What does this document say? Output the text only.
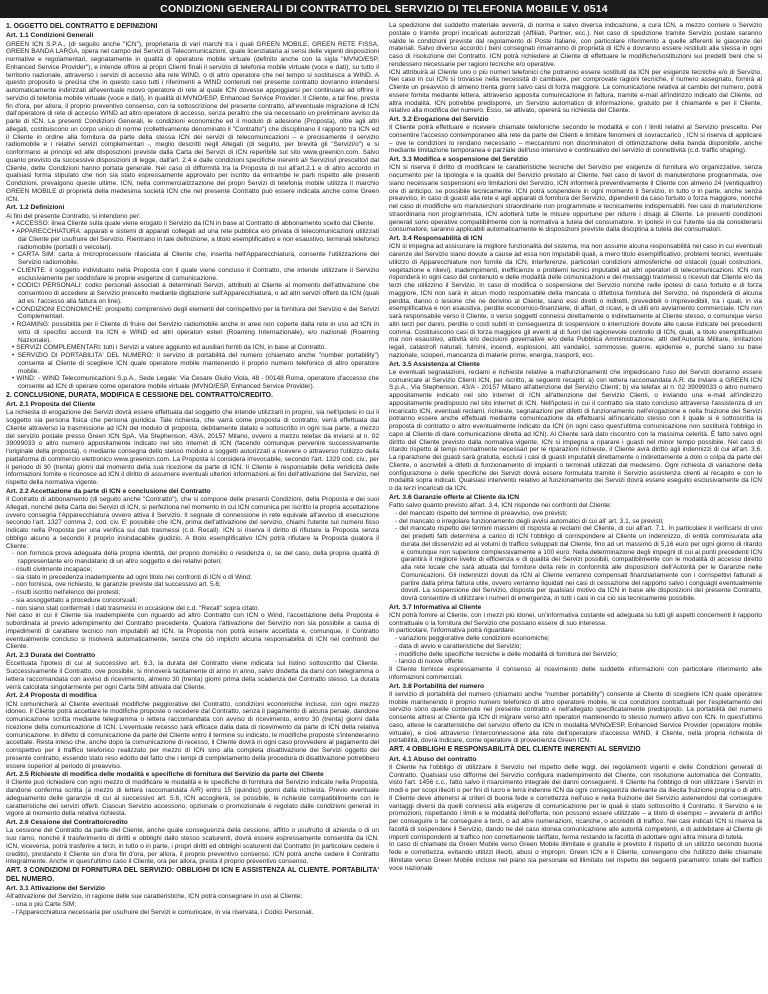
CONDIZIONI GENERALI DI CONTRATTO DEL SERVIZIO DI TELEFONIA MOBILE V. 0514
1. OGGETTO DEL CONTRATTO E DEFINIZIONI
Art. 1.1 Condizioni Generali

GREEN ICN S.P.A., (di seguito anche "ICN"), proprietaria di vari marchi tra i quali GREEN MOBILE, GREEN RETE FISSA, GREEN BANDA LARGA, opera nel campo dei Servizi di Telecomunicazioni, quale licenziataria ai sensi delle vigenti disposizioni normative e regolamentari, segnatamente in qualità di operatore mobile virtuale (definito anche con la sigla "MVNO/ESP, Enhanced Service Provider"), e intende offrire ai propri Clienti finali il servizio di telefonia mobile virtuale (voce e dati), su tutto il territorio nazionale, attraverso i servizi di accesso alla rete WIND, o di altro operatore che nel tempo si sostituisca a WIND. A questo proposito si precisa che in questo caso tutti i riferimenti a WIND contenuti nel presente contratto dovranno intendersi automaticamente indirizzati all'eventuale nuovo operatore di rete al quale ICN dovesse appoggiarsi per continuare ad offrire il servizio di telefonia mobile virtuale (voce e dati), in qualità di MVNO/ESP, Enhanced Service Provider. Il Cliente, a tal fine, presta fin d'ora, per allora, il proprio preventivo consenso, con la sottoscrizione del presente contratto, all'eventuale migrazione di ICN dall'operatore di rete di accesso WIND ad altro operatore di accesso, senza peraltro che sia necessario un preliminare avviso da parte di ICN. Le presenti Condizioni Generali, le condizioni economiche ed il modulo di adesione (Proposta), oltre agli altri allegati, costituiscono un corpo unico di norme (collettivamente denominato il "Contratto") che disciplinano il rapporto tra ICN ed il Cliente in ordine alla fornitura da parte della stessa ICN dei servizi di telecomunicazioni – e precisamente il servizio radiomobile e i relativi servizi complementari -, meglio descritti negli Allegati (di seguito, per brevità gli "Servizi/o") e si conformano ai principi ed alle disposizioni previste dalla Carta dei Servizi di ICN reperibile sul sito www.greenicn.com. Salvo quanto previsto da successive disposizioni di legge, dall'art. 2.4 e dalle condizioni specifiche inerenti a/i Servizio/i prescelto/i dal Cliente, dette Condizioni hanno portata generale. Nel caso di difformità tra la Proposta di cui all'art.2.1 e di altro accordo in qualsiasi forma stipulato che non sia stato espressamente approvato per iscritto da entrambe le parti rispetto alle presenti Condizioni, prevalgono queste ultime. ICN, nella commercializzazione dei propri Servizi di telefonia mobile utilizza il marchio GREEN MOBILE di proprietà della medesima società ICN che nel presente Contratto può essere indicata anche come Green ICN.

Art. 1.2 Definizioni

Ai fini del presente Contratto, si intendono per:

• ACCESSO: linea Cliente sulla quale viene erogato il Servizio da ICN in base al Contratto di abbonamento scelto dal Cliente.
• APPARECCHIATURA: apparati e sistemi di apparati collegati ad una rete pubblica e/o privata di telecomunicazioni utilizzati dal Cliente per usufruire del Servizio. Rientrano in tale definizione, a titolo esemplificativo e non esaustivo, terminali telefonici radiomobile (portatili o veicolari).
• CARTA SIM: carta a microprocessore rilasciata al Cliente che, inserita nell'Apparecchiatura, consente l'utilizzazione del Servizio radiomobile.
• CLIENTE: il soggetto individuato nella Proposta con il quale viene concluso il Contratto, che intende utilizzare il Servizio esclusivamente per soddisfare le proprie esigenze di comunicazione.
• CODICI PERSONALI: codici personali associati a determinati Servizi, attribuiti al Cliente al momento dell'attivazione che consentono di accedere al Servizio prescelto mediante digitazione sull'Apparecchiatura, o ad altri servizi offerti da ICN (quali ad es. l'accesso alla fattura on line).
• CONDIZIONI ECONOMICHE: prospetto comprensivo degli elementi del corrispettivo per la fornitura del Servizio e dei Servizi Complementari.
• ROAMING: possibilità per il Cliente di fruire del Servizio radiomobile anche in aree non coperte dalla rete in uso ad ICN in virtù di specifici accordi tra ICN e WIND ed altri operatori esteri (Roaming Internazionale), e/o nazionali (Roaming Nazionale).
• SERVIZI COMPLEMENTARI: tutti i Servizi a valore aggiunto ed ausiliari forniti da ICN, in base al Contratto.
• SERVIZIO DI PORTABILITA' DEL NUMERO: Il servizio di portabilità del numero (chiamato anche "number portability") consente al Cliente di scegliere ICN quale operatore mobile mantenendo il proprio numero telefonico di altro operatore mobile.
• WIND: - WIND Telecomunicazioni S.p.A., Sede Legale: Via Cesare Giulio Viola, 48 - 00148 Roma, operatore d'accesso che consente ad ICN di operare come operatore mobile virtuale (MVNO/ESP, Enhanced Service Provider).
2. CONCLUSIONE, DURATA, MODIFICA E CESSIONE DEL CONTRATTO/CREDITO.
Art. 2.1 Proposta del Cliente

La richiesta di erogazione dei Servizi dovrà essere effettuata dal soggetto che intende utilizzarli in proprio, sia nell'ipotesi in cui il soggetto sia persona fisica che persona giuridica. Tale richiesta, che varrà come proposta di contratto, verrà effettuata dal Cliente attraverso la trasmissione ad ICN del modulo di proposta, debitamente datato e sottoscritto in ogni sua parte, a mezzo del servizio postale presso Green ICN SpA, Via Stephenson, 43/A, 20157 Milano, ovvero a mezzo telefax da inviarsi al n. 02 39099033 o altro numero appositamente indicato nel sito internet di ICN (facendo comunque pervenire successivamente l'originale della proposta), o mediante consegna dello stesso modulo a soggetti autorizzati a ricevere o attraverso l'utilizzo della piattaforma di commercio elettronico www.greenicn.com. La Proposta si considera irrevocabile, secondo l'art. 1329 cod. civ., per il periodo di 30 (trenta) giorni dal momento della sua ricezione da parte di ICN. Il Cliente è responsabile della veridicità delle informazioni fornite e riconosce ad ICN il diritto di assumere eventuali ulteriori informazioni ai fini dell'attivazione del Servizio, nel rispetto della normativa vigente.

Art. 2.2 Accettazione da parte di ICN e conclusione del Contratto

Il Contratto di abbonamento (di seguito anche "Contratto"), che si compone delle presenti Condizioni, della Proposta e dei suoi Allegati, nonché della Carta dei Servizi di ICN, si perfeziona nel momento in cui ICN comunica per iscritto la propria accettazione ovvero consegna l'Apparecchiatura ovvero attiva il Servizio. Il segnale di connessione in rete equivale all'avviso di esecuzione secondo l'art. 1327 comma 2, cod. civ. E' possibile che ICN, prima dell'attivazione del servizio, chiami l'utente sul numero fisso indicato nella Proposta per una verifica sui dati trasmessi (c.d. Recall). ICN si riserva il diritto di rifiutare la Proposta senza obbligo alcuno a secondo il proprio insindacabile giudizio. A titolo esemplificativo ICN potrà rifiutare la Proposta qualora il Cliente:

- non fornisca prova adeguata della propria identità, del proprio domicilio o residenza o, se del caso, della propria qualità di rappresentante e/o mandatario di un altro soggetto e dei relativi poteri;
- risulti civilmente incapace;
- sia stato in precedenza inadempiente ad ogni titolo nei confronti di ICN o di Wind;
- non fornisca, ove richiesto, le garanzie previste dal successivo art. 5.6;
- risulti iscritto nell'elenco dei protesti;
- sia assoggettato a procedure concorsuali;
- non siano stati confermati i dati trasmessi in occasione del c.d. "Recall" sopra citato.

Nel caso in cui il Cliente sia inadempiente con riguardo ad altro Contratto con ICN o Wind, l'accettazione della Proposta è subordinata al previo adempimento del Contratto precedente. Qualora l'attivazione del Servizio non sia possibile a causa di impedimenti di carattere tecnico non imputabili ad ICN, la Proposta non potrà essere accettata e, comunque, il Contratto eventualmente concluso si risolverà automaticamente, senza che ciò implichi alcuna responsabilità di ICN nei confronti del Cliente.

Art. 2.3 Durata del Contratto

Eccettuata l'ipotesi di cui al successivo art. 6.3, la durata del Contratto viene indicata sul listino sottoscritto dal Cliente. Successivamente il Contratto, ove possibile, si rinnoverà tacitamente di anno in anno, salvo disdetta da darsi con telegramma o lettera raccomandata con avviso di ricevimento, almeno 30 (trenta) giorni prima della scadenza del Contratto stesso. La durata verrà calcolata singolarmente per ogni Carta SIM attivata dal Cliente.

Art. 2.4 Proposta di modifica

ICN comunicherà al Cliente eventuali modifiche peggiorative del Contratto, condizioni economiche incluse, con ogni mezzo idoneo. Il Cliente potrà accettare le modifiche proposte o recedere dal Contratto, senza il pagamento di alcuna penale, dandone comunicazione scritta mediante telegramma o lettera raccomandata con avviso di ricevimento, entro 30 (trenta) giorni dalla ricezione della comunicazione di ICN. L'eventuale recesso sarà efficace dalla data di ricevimento da parte di ICN della relativa comunicazione. In difetto di comunicazione da parte del Cliente entro il termine su indicato, le modifiche proposte s'intenderanno accettate. Resta inteso che, anche dopo la comunicazione di recesso, il Cliente dovrà in ogni caso provvedere al pagamento del corrispettivo per il traffico telefonico realizzato per mezzo di ICN sino alla completa disattivazione del Servizi oggetto del presente contratto, essendo stato reso edotto del fatto che i tempi di completamento della procedura di disattivazione potrebbero essere superiori al periodo di preavviso.

Art. 2.5 Richieste di modifica delle modalità e specifiche di fornitura del Servizio da parte del Cliente

Il Cliente può richiedere con ogni mezzo di modificare le modalità e le specifiche di fornitura del Servizio indicate nella Proposta, dandone conferma scritta (a mezzo di lettera raccomandata A/R) entro 15 (quindici) giorni dalla richiesta. Previo eventuale adeguamento delle garanzie di cui al successivo art. 5.6, ICN accoglierà, se possibile, le richieste compatibilmente con le caratteristiche dei servizi offerti. Ciascun Servizio accessorio, opzionale o promozionale è regolato dalle condizioni generali in vigore al momento della relativa richiesta.

Art. 2.6 Cessione del Contratto/credito

La cessione del Contratto da parte del Cliente, anche quale conseguenza della cessione, affitto o usufrutto di azienda o di un suo ramo, nonché il trasferimento di diritti e obblighi dallo stesso scaturenti, dovrà essere espressamente consentita da ICN. ICN, viceversa, potrà trasferire a terzi, in tutto o in parte, i propri diritti ed obblighi scaturenti dal Contratto (in particolare cedere il credito), prestando il Cliente sin d'ora fin d'ora, per allora, il proprio preventivo consenso. ICN potrà anche cedere il Contratto integralmente. Anche in quest'ultimo caso il Cliente, ora per allora, presta il proprio preventivo consenso.

ART. 3 CONDIZIONI DI FORNITURA DEL SERVIZIO: OBBLIGHI DI ICN E ASSISTENZA AL CLIENTE. PORTABILITA' DEL NUMERO.
Art. 3.1 Attivazione del Servizio

All'attivazione del Servizio, in ragione delle sue caratteristiche, ICN potrà consegnare in uso al Cliente:

- una o più Carte SIM;
- l'Apparecchiatura necessaria per usufruire dei Servizi e comunicare, in via riservata, i Codici Personali.

La spedizione del suddetto materiale avverrà, di norma e salvo diversa indicazione, a cura ICN, a mezzo corriere o Servizio postale o tramite propri incaricati autorizzati (Affiliati, Partner, ecc.). Nel caso di spedizione tramite Servizio postale saranno valide le condizioni previste dal regolamento di Poste Italiane, con particolare riferimento a quelle afferenti le giacenze dei materiali. Salvo diverso accordo i beni consegnati rimarranno di proprietà di ICN e dovranno essere restituiti alla stessa in ogni caso di risoluzione del Contratto. ICN potrà richiedere al Cliente di effettuare le modifiche/sostituzioni sui predetti beni che si rendessero necessarie per ragioni tecniche e/o operative.

ICN attribuirà al Cliente uno o più numeri telefonici che potranno essere sostituiti da ICN per esigenze tecniche e/o di Servizio. Nel caso in cui ICN si trovasse nella necessità di cambiare, per comprovate ragioni tecniche, il numero assegnato, fornirà al Cliente un preavviso di almeno trenta giorni salvo casi di forza maggiore. La comunicazione relativa al cambio del numero, potrà essere fornita mediante lettera, attraverso apposita comunicazione in fattura, tramite e-mail all'indirizzo indicato dal Cliente, od altra modalità. ICN potrebbe predisporre, un Servizio automatico di informazione, gratuito per il chiamante e per il Cliente, relativo alla modifica del numero. Esso, se attivato, opererà su richiesta del Cliente.

Art. 3.2 Erogazione del Servizio

Il Cliente potrà effettuare e ricevere chiamate telefoniche secondo le modalità e con i limiti relativi al Servizio prescelto. Per consentire l'accesso contemporaneo alla rete da parte dei Clienti e limitare fenomeni di sovraccarico , ICN si riserva di applicare – ove le condizioni lo rendano necessario – meccanismi non discriminatori di ottimizzazione della banda disponibile, anche mediante limitazione temporanea e parziale dell'uso intensivo e continuativo del servizio di connettività (c.d. traffic shaping).

Art. 3.3 Modifica e sospensione del Servizio

ICN si riserva il diritto di modificare le caratteristiche tecniche del Servizio per esigenze di fornitura e/o organizzative, senza nocumento per la tipologia e la qualità del Servizio prestato al Cliente. Nel caso di lavori di manutenzione programmata, ove siano necessarie sospensioni e/o limitazioni del Servizio, ICN informerà preventivamente il Cliente con almeno 24 (ventiquattro) ore di anticipo, se possibile tecnicamente. ICN potrà sospendere in ogni momento il Servizio, in tutto o in parte, anche senza preavviso, in caso di guasti alla rete e agli apparati di fornitura del Servizio, dipendenti da caso fortuito o forza maggiore, nonché nel caso di modifiche e/o manutenzioni straordinarie non programmate e tecnicamente indispensabili. Nei casi di manutenzione straordinaria non programmata, ICN adotterà tutte le misure opportune per ridurre i disagi al Cliente. Le presenti condizioni generali sono operative compatibilmente con la normativa a tutela del consumatore. In ipotesi in cui l'utente sia da considerarsi consumatore, saranno applicabili automaticamente le disposizioni previste dalla disciplina a tutela dei consumatori.

Art. 3.4 Responsabilità di ICN

ICN si impegna ad assicurare la migliore funzionalità del sistema, ma non assume alcuna responsabilità nel caso in cui eventuali carenze del Servizio siano dovute a cause ad essa non imputabili quali, a mero titolo esemplificativo, problemi tecnici, eventuale utilizzo di Apparecchiature non fornite da ICN, interferenze, particolari condizioni atmosferiche od ostacoli (quali costruzioni, vegetazione e rilievi), inadempimenti, inefficienze o problemi tecnici imputabili ad altri operatori di telecomunicazioni. ICN non risponderà in ogni caso del contenuto e delle modalità delle comunicazioni e dei messaggi trasmessi o ricevuti dal Cliente e/o da terzi che utilizzino il Servizio. In caso di modifica o sospensione del Servizio nonché nelle ipotesi di caso fortuito e di forza maggiore, ICN non sarà in alcun modo responsabile della mancata o difettosa fornitura del Servizio, né risponderà di alcuna perdita, danno o lesione che ne derivino al Cliente, siano essi diretti o indiretti, prevedibili o imprevedibili, tra i quali, in via esemplificativa e non esaustiva, perdite economico-finanziarie, di affari, di ricavi, e di utili e/o avviamento commerciale. ICN non sarà responsabile verso il Cliente, o verso soggetti connessi direttamente o indirettamente al Cliente stesso, o comunque verso altri terzi per danni, perdite o costi subiti in conseguenza di sospensioni o interruzioni dovute alle cause indicate nei precedenti comma. Costituiscono casi di forza maggiore gli eventi al di fuori del ragionevole controllo di ICN, quali, a titolo esemplificativo ma non esaustivo, attività e/o decisioni governative e/o della Pubblica Amministrazione, atti dell'Autorità Militare, limitazioni legali, catastrofi naturali, fulmini, incendi, esplosioni, atti vandalici, sommosse, guerre, epidemie e, purché siano su base nazionale, scioperi, mancanza di materie prime, energia, trasporti, ecc.

Art. 3.5 Assistenza al Cliente

Le eventuali segnalazioni, reclami e richieste relative a malfunzionamenti che impediscano l'uso dei Servizi dovranno essere comunicate al Servizio Clienti ICN, per iscritto, ai seguenti recapiti: a) con lettera raccomandata A.R. da inviare a GREEN ICN S.p.A., Via Stephenson, 43/A - 20157 Milano all'attenzione del Servizio Clienti; b) via telefax al n. 02 39099033 o altro numero appositamente indicato nel sito internet di ICN all'attenzione del Servizio Clienti, o inviando una e-mail all'indirizzo appositamente predisposto nel sito internet di ICN. Nell'ipotesi in cui il contratto sia stato concluso attraverso l'assistenza di un incaricato ICN, eventuali reclami, richieste, segnalazioni per difetti di funzionamento nell'erogazione e nella fruizione dei Servizi potranno essere anche effettuati mediante comunicazione da effettuarsi all'incaricato stesso con il quale si è sottoscritta la proposta di contratto o altro eventualmente indicato da ICN (in ogni caso quest'ultima comunicazione non sostituirà l'obbligo in capo al Cliente di dare comunicazione diretta ad ICN). Al Cliente sarà dato riscontro con la massima celerità. È fatto salvo ogni diritto del Cliente previsto dalla normativa vigente. ICN si impegna a riparare i guasti nel minor tempo possibile. Nel caso di ritardo rispetto ai tempi normalmente necessari per le riparazioni richieste, il Cliente avrà diritto agli indennizzi di cui all'art. 3.6. La riparazione dei guasti sarà gratuita, esclusi i casi di guasti imputabili direttamente o indirettamente a dolo o colpa da parte del Cliente, o ascrivibili a difetti di funzionamento di impianti o terminali utilizzati dal medesimo. Ogni richiesta di variazione della configurazione o delle specifiche dei Servizi dovrà essere formulata tramite il Servizio assistenza clienti al recapito e con le modalità sopra indicati. Qualsiasi intervento relativo al funzionamento dei Servizi dovrà essere eseguito esclusivamente da ICN o da terzi incaricati da ICN.

Art. 3.6 Garanzie offerte al Cliente da ICN

Fatto salvo quanto previsto all'art. 3.4, ICN risponde nei confronti del Cliente:

- del mancato rispetto del termine di preavviso, ove previsti;
- del mancato o irregolare funzionamento degli avvisi automatici di cui all' art. 3.1, se previsti;
- del mancato rispetto dei termini massimi di risposta ai reclami del Cliente, di cui all'art. 7.1. In particolare il verificarsi di uno dei predetti fatti determina a carico di ICN l'obbligo di corrispondere al Cliente un indennizzo, di entità commisurata alla durata del disservizio ed ai volumi di traffico sviluppati dal Cliente, fino ad un massimo di 5,16 euro per ogni giorno di ritardo e comunque non superiore complessivamente a 100 euro. Nella determinazione degli impegni di cui ai punti precedenti ICN garantirà il migliore livello di efficienza e di qualità dei Servizi possibili, compatibilmente con le modalità di accesso diretto alla rete locale che sarà attuata dal fornitore della rete in conformità alle disposizioni dell'Autorità per le Garanzie nelle Comunicazioni. Gli indennizzi dovuti da ICN al Cliente verranno compensati finanziariamente con i corrispettivi fatturati a partire dalla prima fattura utile, ovvero verranno liquidati nei casi di cessazione del rapporto salvo i conguagli eventualmente dovuti. La sospensione del Servizio, disposta per qualsiasi motivo da ICN in base alle disposizioni del presente Contratto, dovrà consentire di utilizzare i numeri di emergenza, in tutti i casi in cui ciò sia tecnicamente possibile.
Art. 3.7 Informativa al Cliente

ICN potrà fornire al Cliente, con i mezzi più idonei, un'informativa costante ed adeguata su tutti gli aspetti concernenti il rapporto contrattuale o la fornitura del Servizio che possano essere di suo interesse.

In particolare, l'informativa potrà riguardare:

- variazioni peggiorative delle condizioni economiche;
- data di avvio e caratteristiche del Servizio;
- modifiche delle specifiche tecniche e delle modalità di fornitura del Servizio;
- lancio di nuove offerte.

Il Cliente fornisce espressamente il consenso al ricevimento delle suddette informazioni con particolare riferimento alle informazioni commerciali.

Art. 3.8 Portabilità del numero

Il servizio di portabilità del numero (chiamato anche "number portability") consente al Cliente di scegliere ICN quale operatore mobile mantenendo il proprio numero telefonico di altro operatore mobile, le cui condizioni contrattuali per l'espletamento del servizio sono quelle contenute nel presente contratto e nell'allegato specificatamente predisposto. La portabilità del numero consente altresì al Cliente già ICN di migrare verso altri operatori mantenendo lo stesso numero attivo con ICN. In quest'ultimo caso, attese le caratteristiche del servizio offerto da ICN in modalità MVNO/ESP, Enhanced Service Provider (operatore mobile virtuale), e cioè attraverso l'interconnessione alla rete dell'operatore d'accesso WIND, il Cliente, nella propria richiesta di portabilità, dovrà indicare, come operatore di provenienza Green ICN.

ART. 4 OBBLIGHI E RESPONSABILITÀ DEL CLIENTE INERENTI AL SERVIZIO
Art. 4.1 Abuso del contratto

Il Cliente ha l'obbligo di utilizzare il Servizio nel rispetto delle leggi, dei regolamenti vigenti e delle Condizioni generali di Contratto. Qualsiasi uso difforme del Servizio configura inadempimento del Cliente, con risoluzione automatica del Contratto, visto l'art. 1456 c.c., fatto salvo il risarcimento integrale dei danni conseguenti. Il Cliente ha l'obbligo di non utilizzare i Servizi in modi e per scopi illeciti o per fini di lucro e terrà indenne ICN da ogni conseguenza derivante da illecita fruizione propria o di altri. Il Cliente deve attenersi ai criteri di buona fede e correttezza nell'uso e nella fruizione del Servizio astenendosi dal conseguire vantaggi diversi da quelli connessi alla esigenze di comunicazione per le quali è stato sottoscritto il Contratto. Il Servizio e le promozioni, rispettando i limiti e le modalità dell'offerta, non possono essere utilizzate – a titolo di esempio – avvalersi di artifici per conseguire o far conseguire a terzi, o ad altre numerazioni, ricariche, o accrediti di traffico. Nei casi indicati ICN si riserva la facoltà di sospendere il Servizio, dando ne del caso idonea comunicazione alle autorità competenti, e di addebitare al Cliente gli importi corrispondenti al traffico non correttamente tariffato, ferma restando la facoltà di adottare ogni altra misura di tutela.

In caso di chiamate da Green Mobile verso Green Mobile illimitate e gratuite è previsto il rispetto di un utilizzo secondo buona fede e correttezza, evitando utilizzi illeciti, abusi o impropri. Green ICN e il Cliente, convengono che l'utilizzo delle chiamate illimitate verso Green Mobile incluse nel piano sia personale ed illimitato nel rispetto dei seguenti parametro: totale del traffico voce nazionale
